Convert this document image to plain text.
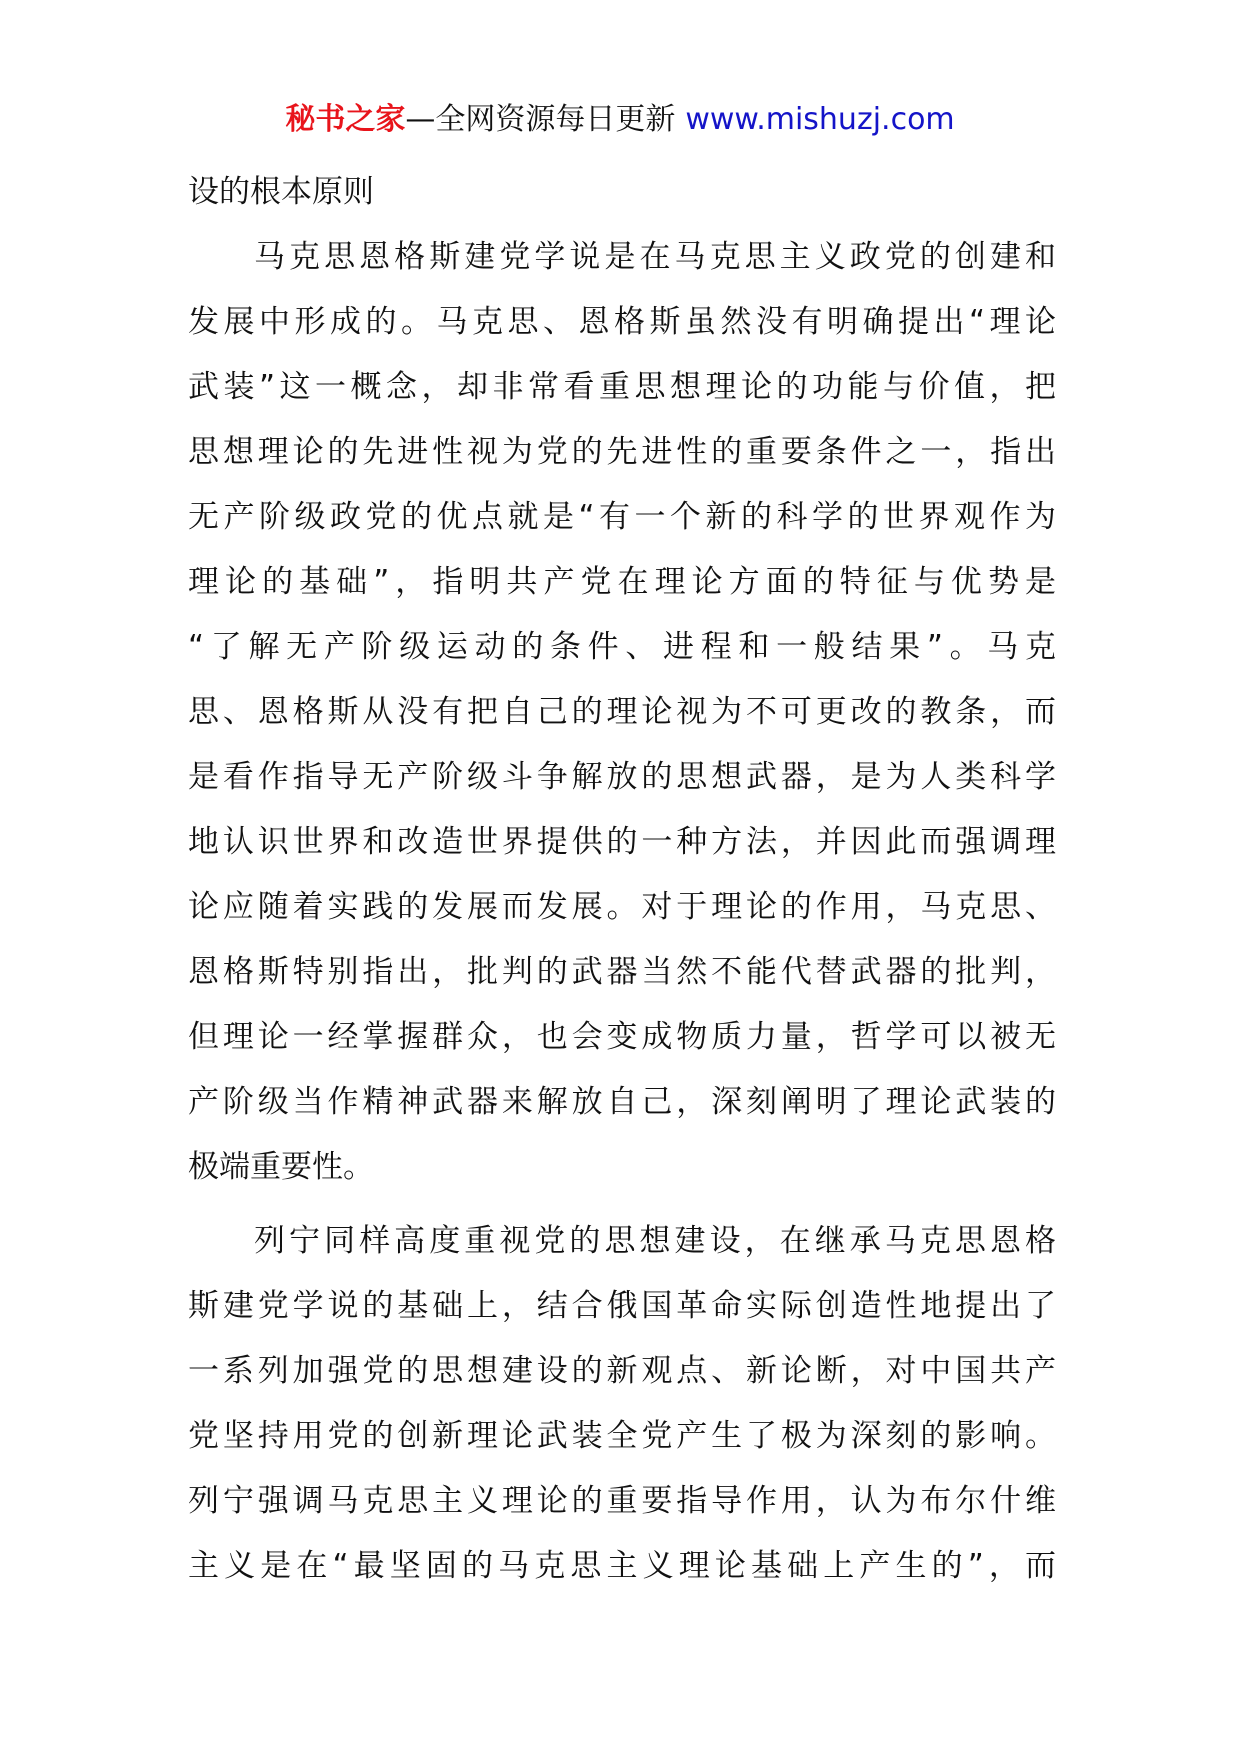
秘书之家—全网资源每日更新 www.mishuzj.com
设的根本原则
马克思恩格斯建党学说是在马克思主义政党的创建和
发展中形成的。马克思、恩格斯虽然没有明确提出“理论
武装”这一概念，却非常看重思想理论的功能与价值，把
思想理论的先进性视为党的先进性的重要条件之一，指出
无产阶级政党的优点就是“有一个新的科学的世界观作为
理论的基础”，指明共产党在理论方面的特征与优势是
“了解无产阶级运动的条件、进程和一般结果”。马克
思、恩格斯从没有把自己的理论视为不可更改的教条，而
是看作指导无产阶级斗争解放的思想武器，是为人类科学
地认识世界和改造世界提供的一种方法，并因此而强调理
论应随着实践的发展而发展。对于理论的作用，马克思、
恩格斯特别指出，批判的武器当然不能代替武器的批判，
但理论一经掌握群众，也会变成物质力量，哲学可以被无
产阶级当作精神武器来解放自己，深刻阐明了理论武装的
极端重要性。
列宁同样高度重视党的思想建设，在继承马克思恩格
斯建党学说的基础上，结合俄国革命实际创造性地提出了
一系列加强党的思想建设的新观点、新论断，对中国共产
党坚持用党的创新理论武装全党产生了极为深刻的影响。
列宁强调马克思主义理论的重要指导作用，认为布尔什维
主义是在“最坚固的马克思主义理论基础上产生的”，而
